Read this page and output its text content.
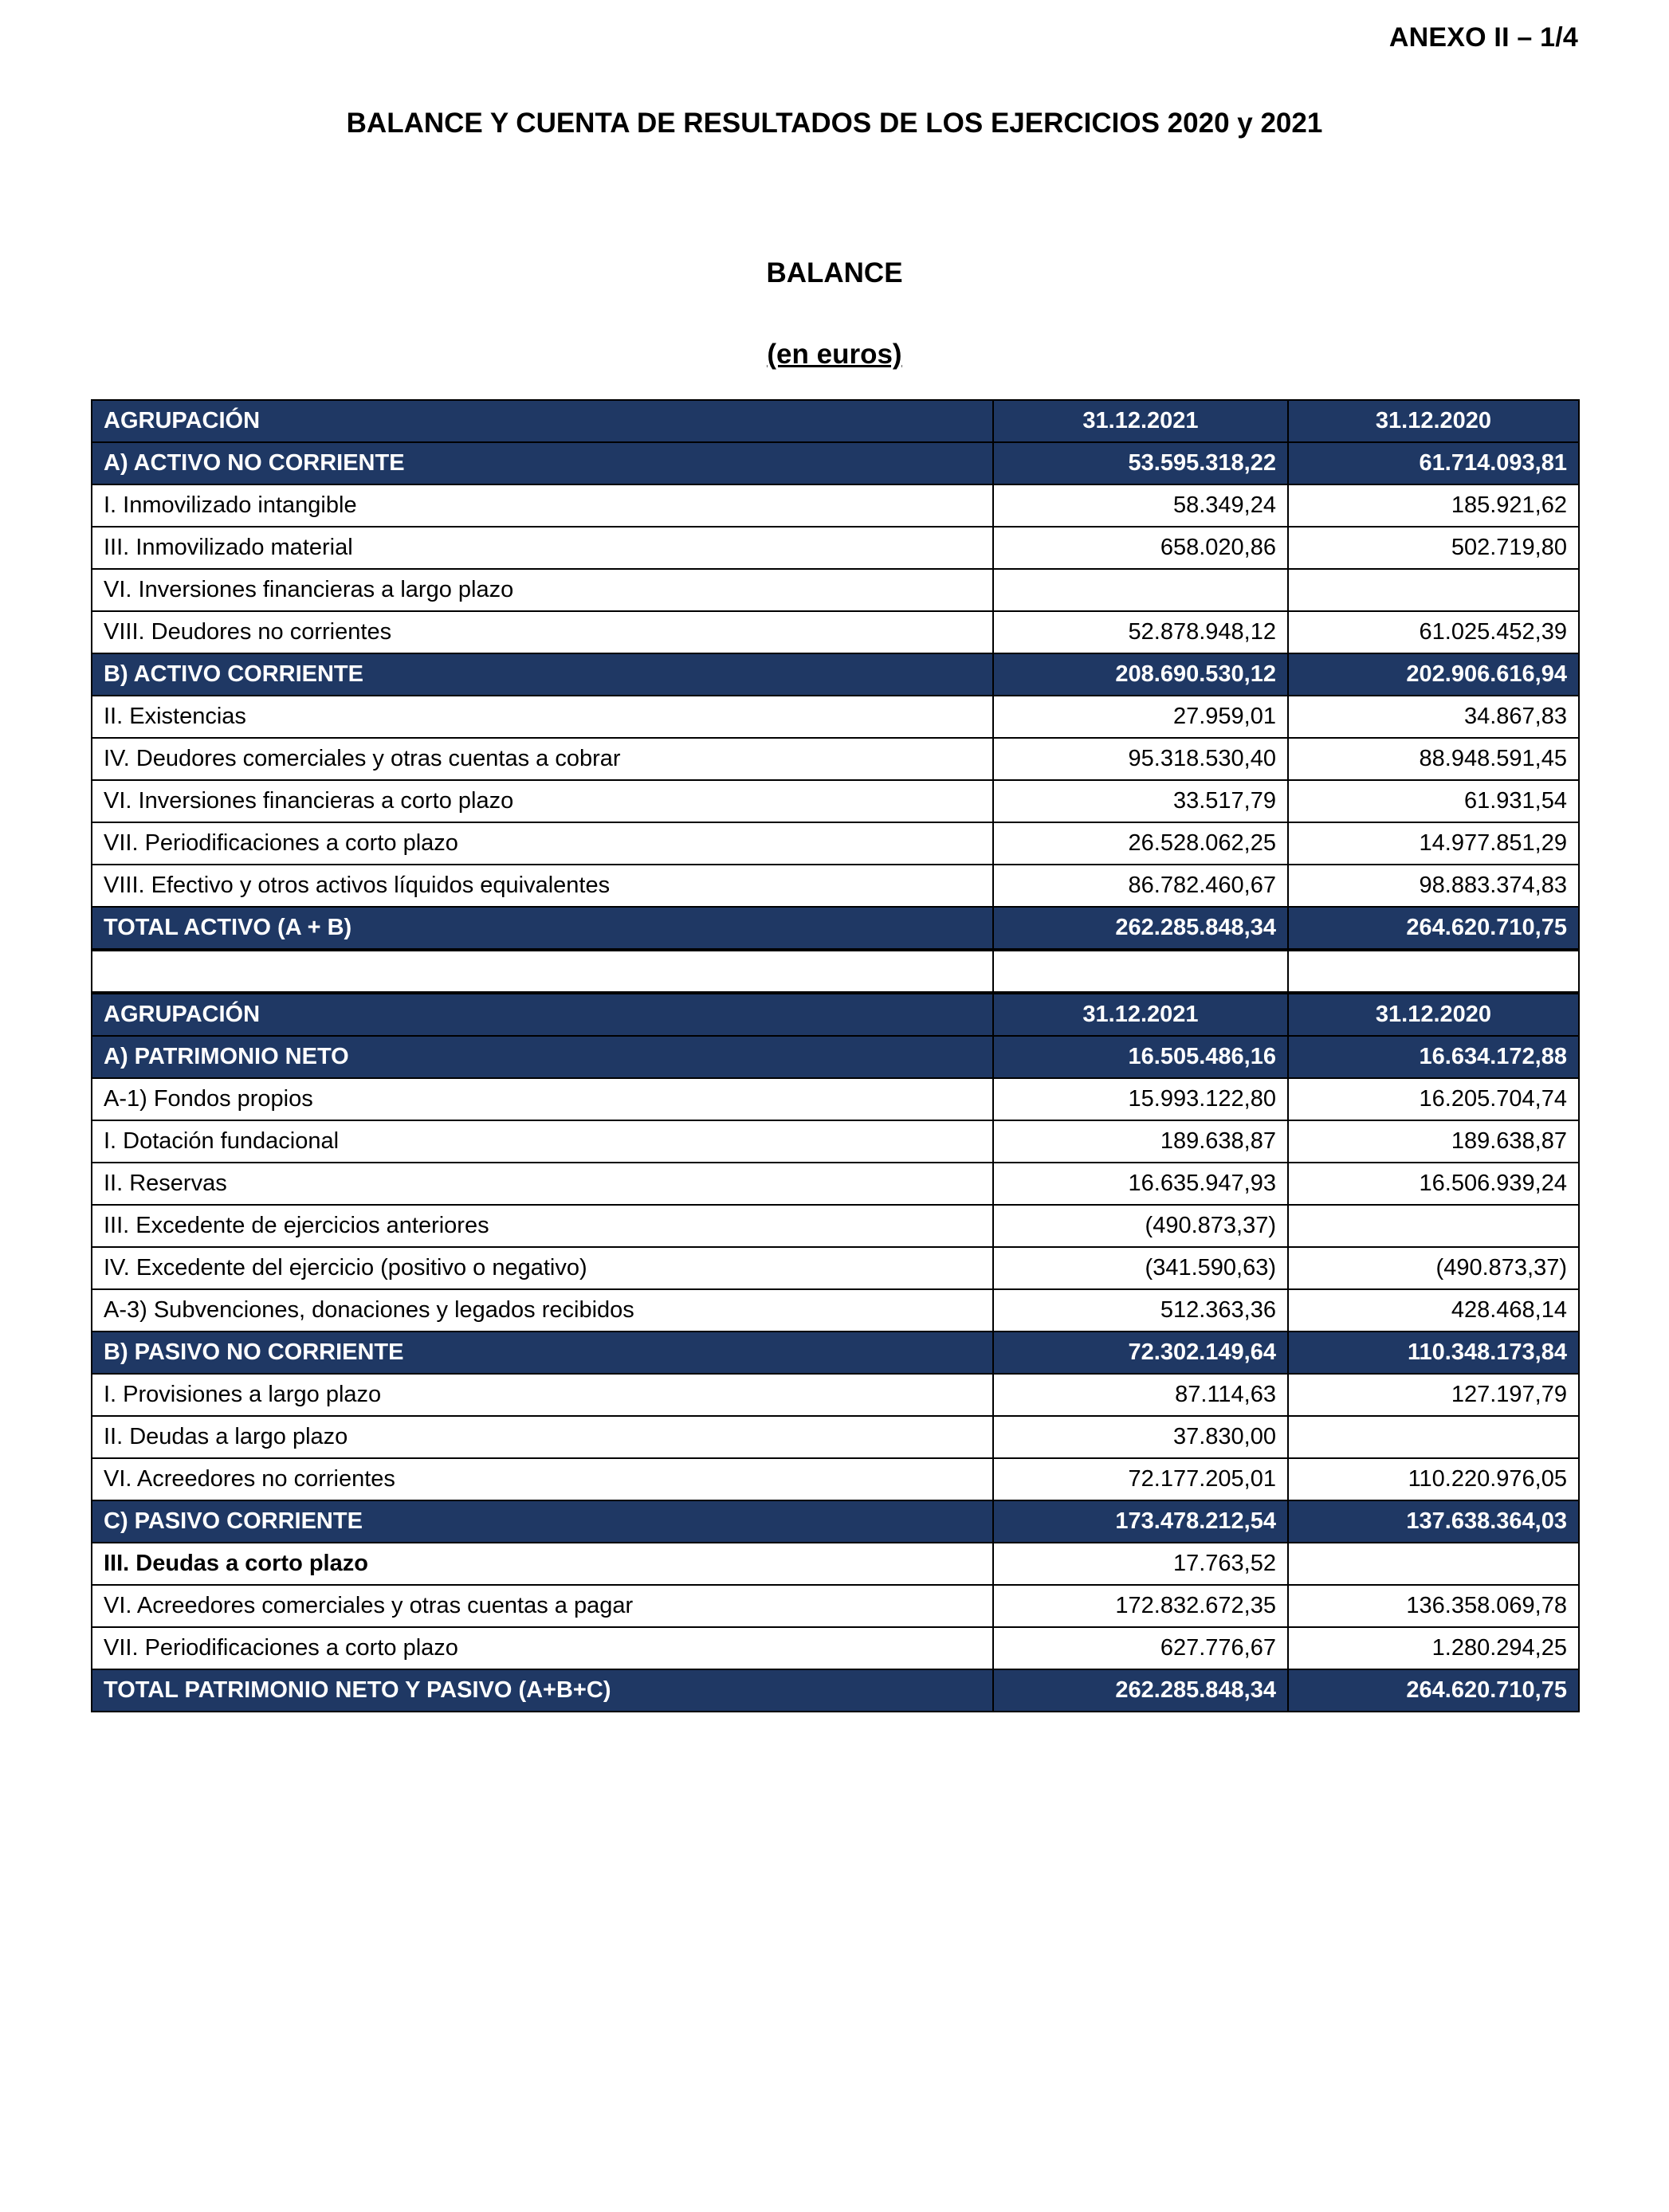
ANEXO II – 1/4
BALANCE Y CUENTA DE RESULTADOS DE LOS EJERCICIOS 2020 y 2021
BALANCE
(en euros)
AGRUPACIÓN	31.12.2021	31.12.2020
A) ACTIVO NO CORRIENTE	53.595.318,22	61.714.093,81
I. Inmovilizado intangible	58.349,24	185.921,62
III. Inmovilizado material	658.020,86	502.719,80
VI. Inversiones financieras a largo plazo		
VIII. Deudores no corrientes	52.878.948,12	61.025.452,39
B) ACTIVO CORRIENTE	208.690.530,12	202.906.616,94
II. Existencias	27.959,01	34.867,83
IV. Deudores comerciales y otras cuentas a cobrar	95.318.530,40	88.948.591,45
VI. Inversiones financieras a corto plazo	33.517,79	61.931,54
VII. Periodificaciones a corto plazo	26.528.062,25	14.977.851,29
VIII. Efectivo y otros activos líquidos equivalentes	86.782.460,67	98.883.374,83
TOTAL ACTIVO (A + B)	262.285.848,34	264.620.710,75

AGRUPACIÓN	31.12.2021	31.12.2020
A) PATRIMONIO NETO	16.505.486,16	16.634.172,88
A-1) Fondos propios	15.993.122,80	16.205.704,74
I. Dotación fundacional	189.638,87	189.638,87
II. Reservas	16.635.947,93	16.506.939,24
III. Excedente de ejercicios anteriores	(490.873,37)	
IV. Excedente del ejercicio (positivo o negativo)	(341.590,63)	(490.873,37)
A-3) Subvenciones, donaciones y legados recibidos	512.363,36	428.468,14
B) PASIVO NO CORRIENTE	72.302.149,64	110.348.173,84
I. Provisiones a largo plazo	87.114,63	127.197,79
II. Deudas a largo plazo	37.830,00	
VI. Acreedores no corrientes	72.177.205,01	110.220.976,05
C) PASIVO CORRIENTE	173.478.212,54	137.638.364,03
III. Deudas a corto plazo	17.763,52	
VI. Acreedores comerciales y otras cuentas a pagar	172.832.672,35	136.358.069,78
VII. Periodificaciones a corto plazo	627.776,67	1.280.294,25
TOTAL PATRIMONIO NETO Y PASIVO (A+B+C)	262.285.848,34	264.620.710,75
